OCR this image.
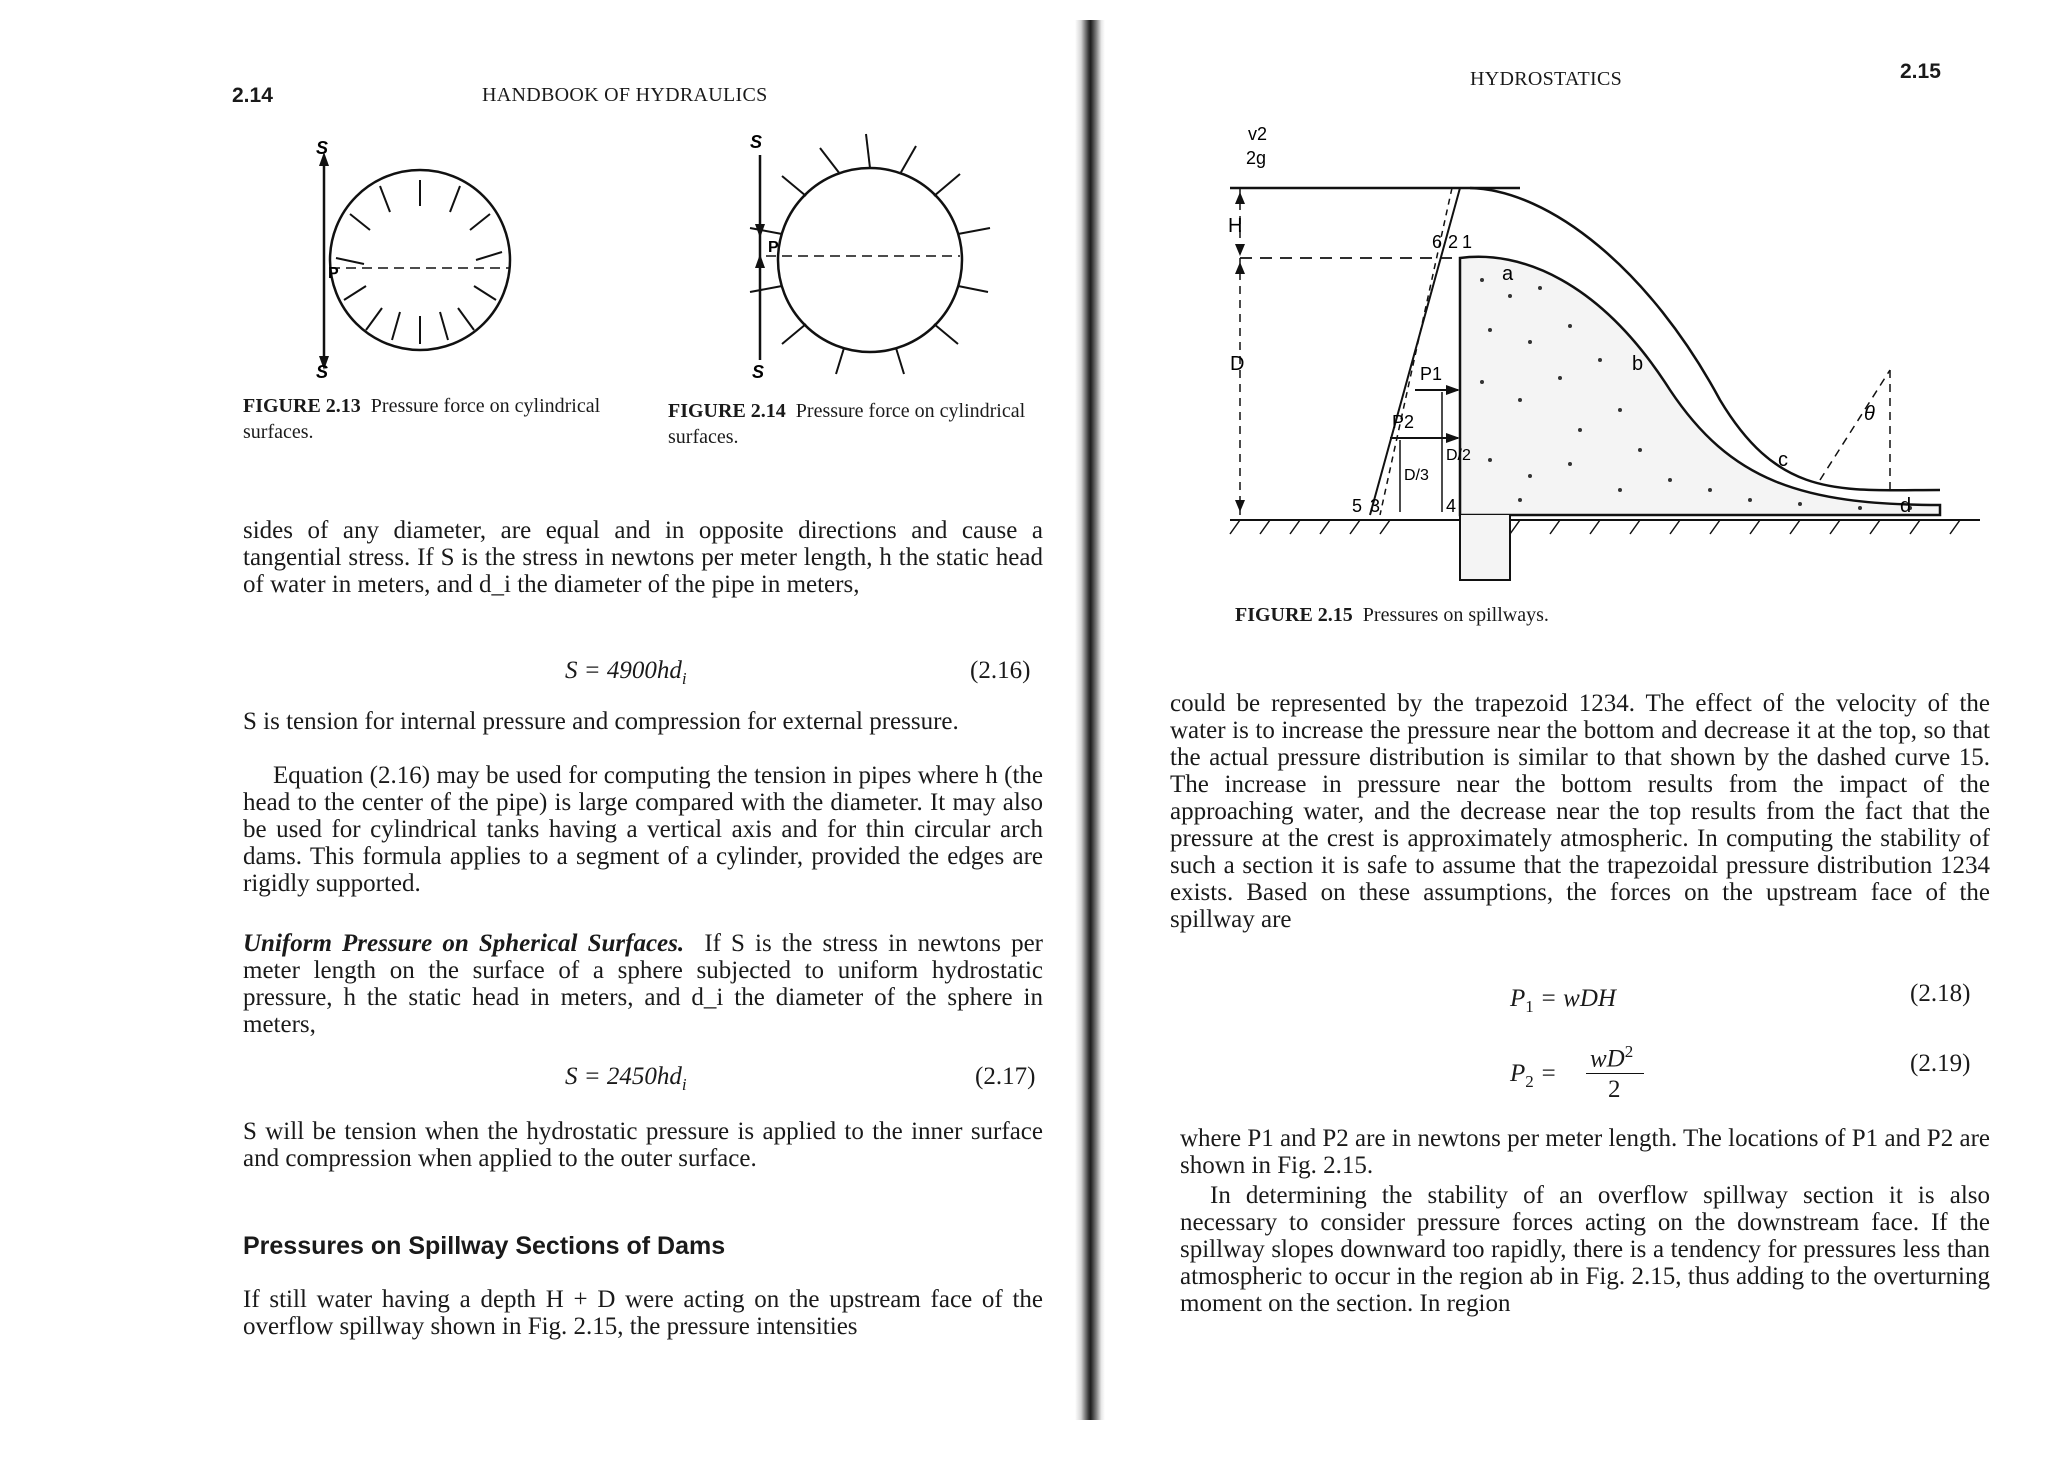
2.14	HANDBOOK OF HYDRAULICS
S
S
P
FIGURE 2.13 Pressure force on cylindrical surfaces.
S
S
P
FIGURE 2.14 Pressure force on cylindrical surfaces.

sides of any diameter, are equal and in opposite directions and cause a tangential stress. If S is the stress in newtons per meter length, h the static head of water in meters, and d_i the diameter of the pipe in meters,

$S = 4900hd_i$	(2.16)

S is tension for internal pressure and compression for external pressure.

Equation (2.16) may be used for computing the tension in pipes where h (the head to the center of the pipe) is large compared with the diameter. It may also be used for cylindrical tanks having a vertical axis and for thin circular arch dams. This formula applies to a segment of a cylinder, provided the edges are rigidly supported.

Uniform Pressure on Spherical Surfaces. If S is the stress in newtons per meter length on the surface of a sphere subjected to uniform hydrostatic pressure, h the static head in meters, and d_i the diameter of the sphere in meters,

$S = 2450hd_i$	(2.17)

S will be tension when the hydrostatic pressure is applied to the inner surface and compression when applied to the outer surface.

Pressures on Spillway Sections of Dams

If still water having a depth H + D were acting on the upstream face of the overflow spillway shown in Fig. 2.15, the pressure intensities

HYDROSTATICS	2.15
v2
2g
H
D
6 2 1
5 3	4
P1
P2
D/3
D/2
a
b
c
d
θ
FIGURE 2.15 Pressures on spillways.

could be represented by the trapezoid 1234. The effect of the velocity of the water is to increase the pressure near the bottom and decrease it at the top, so that the actual pressure distribution is similar to that shown by the dashed curve 15. The increase in pressure near the bottom results from the impact of the approaching water, and the decrease near the top results from the fact that the pressure at the crest is approximately atmospheric. In computing the stability of such a section it is safe to assume that the trapezoidal pressure distribution 1234 exists. Based on these assumptions, the forces on the upstream face of the spillway are

$P_1$ = wDH	(2.18)
$P_2$ =
$wD^2$
2
(2.19)

where P1 and P2 are in newtons per meter length. The locations of P1 and P2 are shown in Fig. 2.15.

In determining the stability of an overflow spillway section it is also necessary to consider pressure forces acting on the downstream face. If the spillway slopes downward too rapidly, there is a tendency for pressures less than atmospheric to occur in the region ab in Fig. 2.15, thus adding to the overturning moment on the section. In region
